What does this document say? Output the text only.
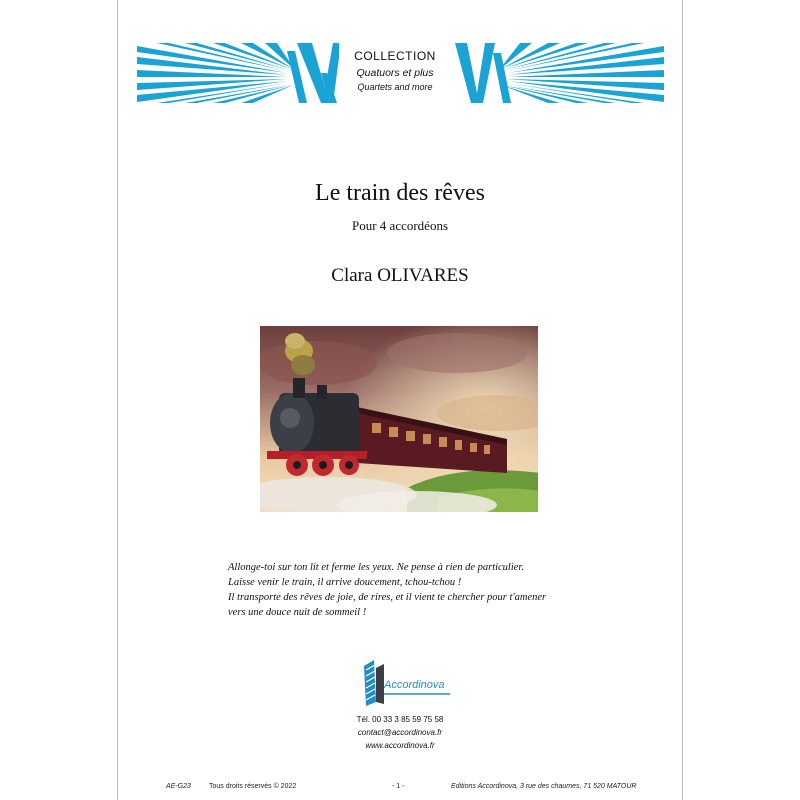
COLLECTION
Quatuors et plus
Quartets and more
Le train des rêves
Pour 4 accordéons
Clara OLIVARES
Allonge-toi sur ton lit et ferme les yeux. Ne pense à rien de particulier.
Laisse venir le train, il arrive doucement, tchou-tchou !
Il transporte des rêves de joie, de rires, et il vient te chercher pour t'amener
vers une douce nuit de sommeil !
Accordinova
Tél. 00 33 3 85 59 75 58
contact@accordinova.fr
www.accordinova.fr
AE-G23	Tous droits réservés © 2022	- 1 -	Editions Accordinova, 3 rue des chaumes, 71 520 MATOUR
